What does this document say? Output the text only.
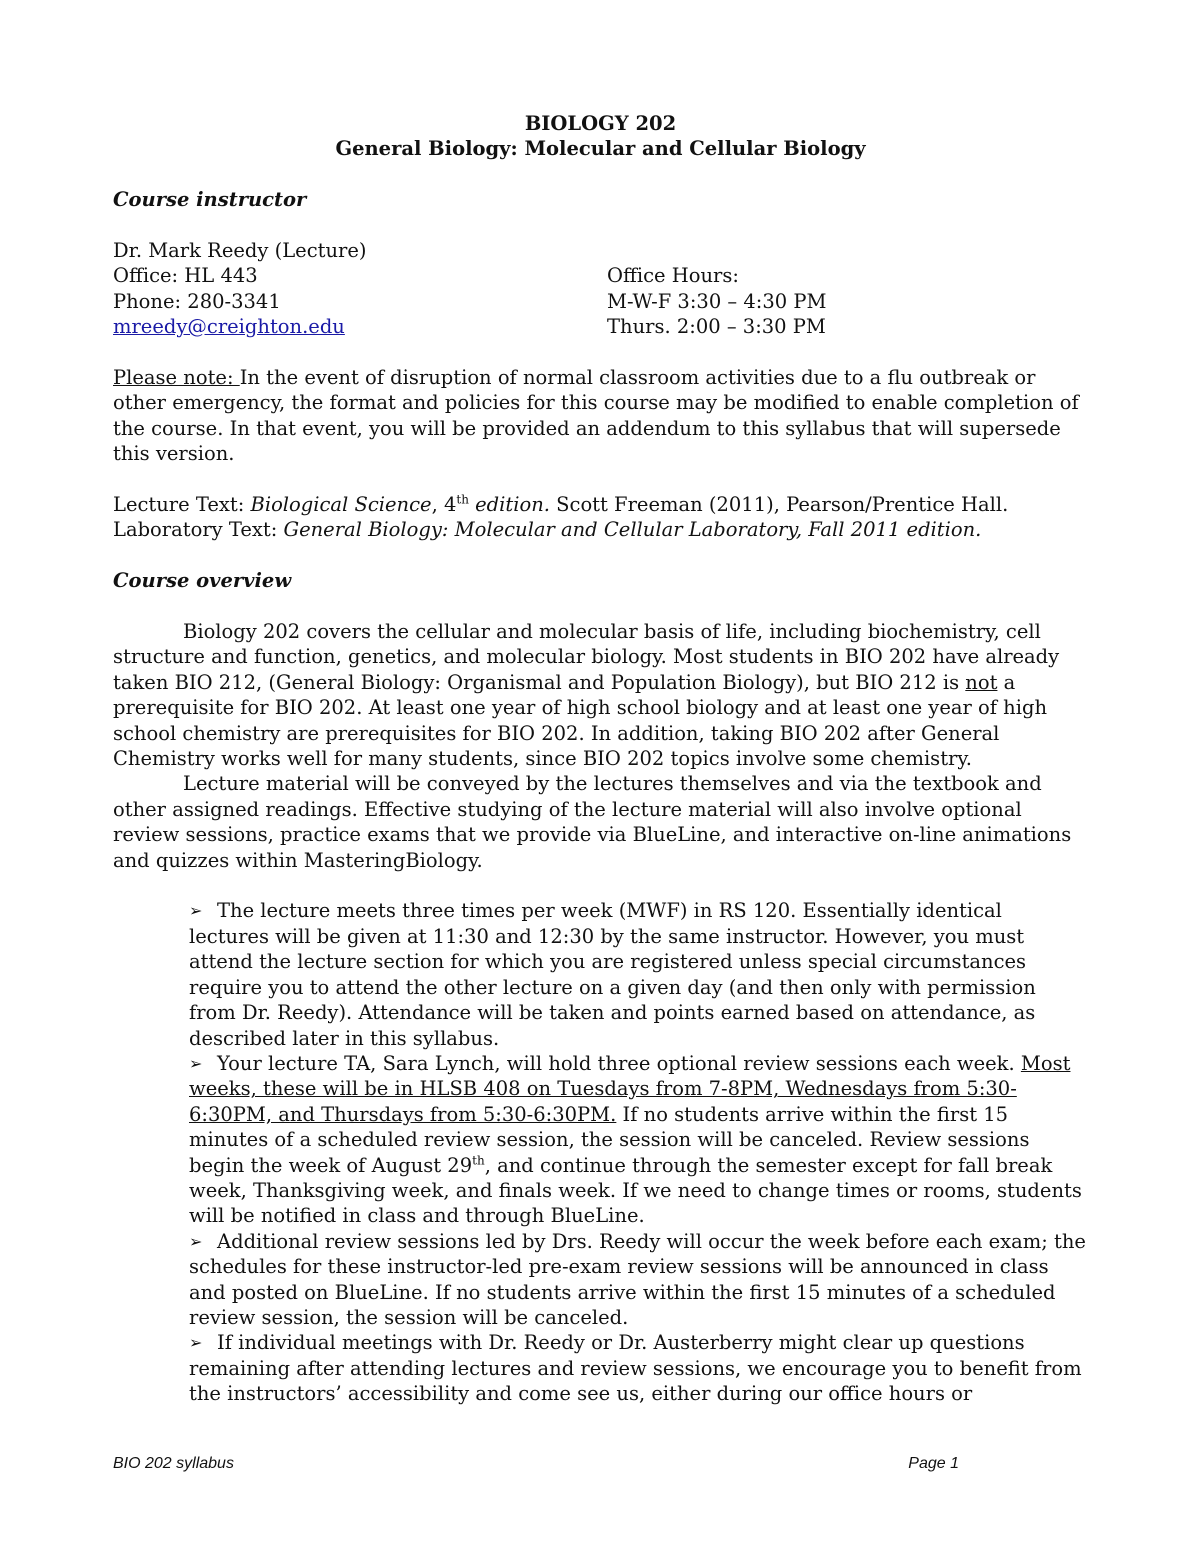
BIOLOGY 202

General Biology: Molecular and Cellular Biology

Course instructor

Dr. Mark Reedy (Lecture)

Office: HL 443	Office Hours:
Phone: 280-3341	M-W-F 3:30 – 4:30 PM
mreedy@creighton.edu	Thurs. 2:00 – 3:30 PM

Please note: In the event of disruption of normal classroom activities due to a flu outbreak or other emergency, the format and policies for this course may be modified to enable completion of the course. In that event, you will be provided an addendum to this syllabus that will supersede this version.

Lecture Text: Biological Science, 4th edition. Scott Freeman (2011), Pearson/Prentice Hall.

Laboratory Text: General Biology: Molecular and Cellular Laboratory, Fall 2011 edition.

Course overview

Biology 202 covers the cellular and molecular basis of life, including biochemistry, cell structure and function, genetics, and molecular biology. Most students in BIO 202 have already taken BIO 212, (General Biology: Organismal and Population Biology), but BIO 212 is not a prerequisite for BIO 202. At least one year of high school biology and at least one year of high school chemistry are prerequisites for BIO 202. In addition, taking BIO 202 after General Chemistry works well for many students, since BIO 202 topics involve some chemistry.

Lecture material will be conveyed by the lectures themselves and via the textbook and other assigned readings. Effective studying of the lecture material will also involve optional review sessions, practice exams that we provide via BlueLine, and interactive on-line animations and quizzes within MasteringBiology.

➢ The lecture meets three times per week (MWF) in RS 120. Essentially identical lectures will be given at 11:30 and 12:30 by the same instructor. However, you must attend the lecture section for which you are registered unless special circumstances require you to attend the other lecture on a given day (and then only with permission from Dr. Reedy). Attendance will be taken and points earned based on attendance, as described later in this syllabus.
➢ Your lecture TA, Sara Lynch, will hold three optional review sessions each week. Most weeks, these will be in HLSB 408 on Tuesdays from 7-8PM, Wednesdays from 5:30-6:30PM, and Thursdays from 5:30-6:30PM. If no students arrive within the first 15 minutes of a scheduled review session, the session will be canceled. Review sessions begin the week of August 29th, and continue through the semester except for fall break week, Thanksgiving week, and finals week. If we need to change times or rooms, students will be notified in class and through BlueLine.
➢ Additional review sessions led by Drs. Reedy will occur the week before each exam; the schedules for these instructor-led pre-exam review sessions will be announced in class and posted on BlueLine. If no students arrive within the first 15 minutes of a scheduled review session, the session will be canceled.
➢ If individual meetings with Dr. Reedy or Dr. Austerberry might clear up questions remaining after attending lectures and review sessions, we encourage you to benefit from the instructors’ accessibility and come see us, either during our office hours or
BIO 202 syllabus	Page 1
